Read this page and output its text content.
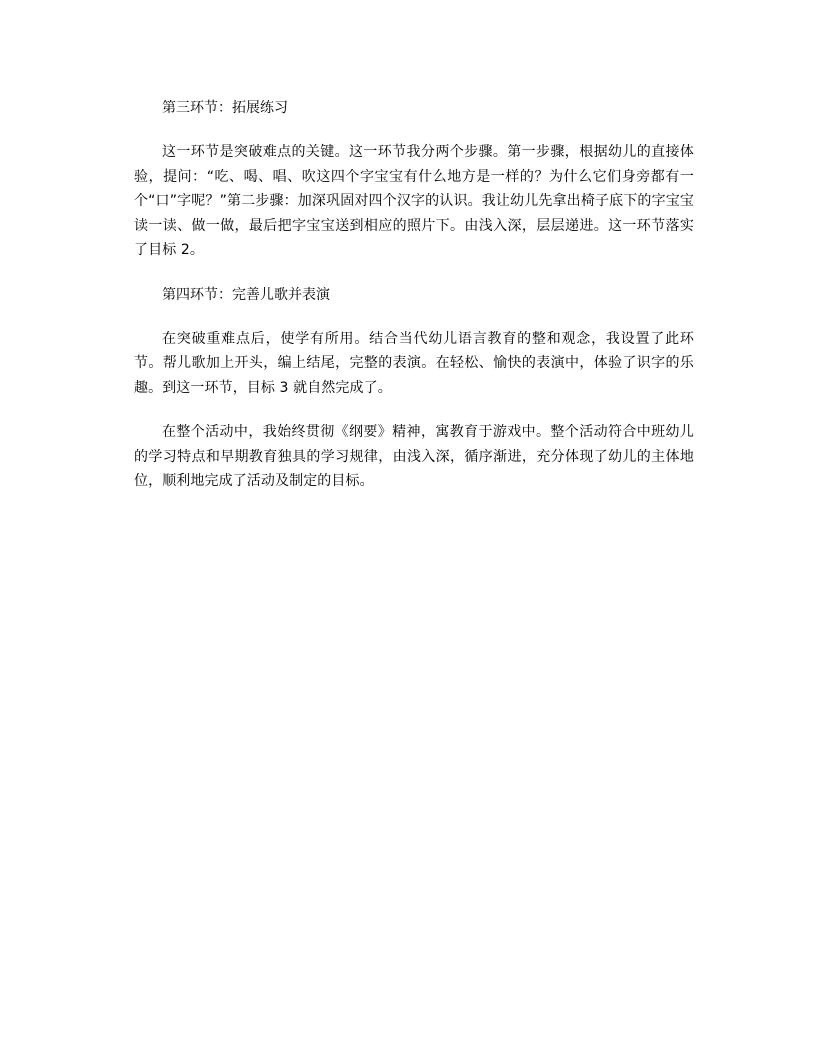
第三环节：拓展练习

这一环节是突破难点的关键。这一环节我分两个步骤。第一步骤，根据幼儿的直接体验，提问：“吃、喝、唱、吹这四个字宝宝有什么地方是一样的？为什么它们身旁都有一个“口”字呢？”第二步骤：加深巩固对四个汉字的认识。我让幼儿先拿出椅子底下的字宝宝读一读、做一做，最后把字宝宝送到相应的照片下。由浅入深，层层递进。这一环节落实了目标 2。

第四环节：完善儿歌并表演

在突破重难点后，使学有所用。结合当代幼儿语言教育的整和观念，我设置了此环节。帮儿歌加上开头，编上结尾，完整的表演。在轻松、愉快的表演中，体验了识字的乐趣。到这一环节，目标 3 就自然完成了。

在整个活动中，我始终贯彻《纲要》精神，寓教育于游戏中。整个活动符合中班幼儿的学习特点和早期教育独具的学习规律，由浅入深，循序渐进，充分体现了幼儿的主体地位，顺利地完成了活动及制定的目标。
